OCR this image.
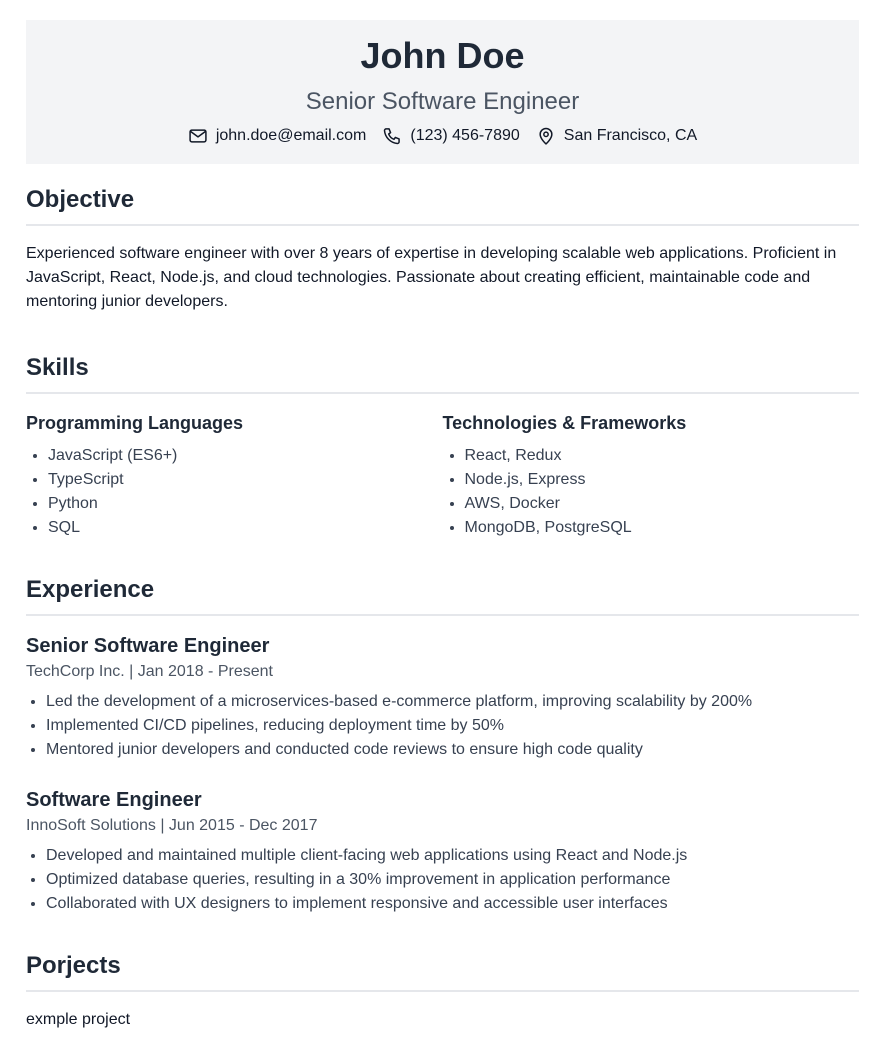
John Doe
Senior Software Engineer
john.doe@email.com	(123) 456-7890	San Francisco, CA
Objective

Experienced software engineer with over 8 years of expertise in developing scalable web applications. Proficient in JavaScript, React, Node.js, and cloud technologies. Passionate about creating efficient, maintainable code and mentoring junior developers.

Skills
Programming Languages
• JavaScript (ES6+)
• TypeScript
• Python
• SQL
Technologies & Frameworks
• React, Redux
• Node.js, Express
• AWS, Docker
• MongoDB, PostgreSQL
Experience
Senior Software Engineer
TechCorp Inc. | Jan 2018 - Present
• Led the development of a microservices-based e-commerce platform, improving scalability by 200%
• Implemented CI/CD pipelines, reducing deployment time by 50%
• Mentored junior developers and conducted code reviews to ensure high code quality
Software Engineer
InnoSoft Solutions | Jun 2015 - Dec 2017
• Developed and maintained multiple client-facing web applications using React and Node.js
• Optimized database queries, resulting in a 30% improvement in application performance
• Collaborated with UX designers to implement responsive and accessible user interfaces
Porjects

exmple project
